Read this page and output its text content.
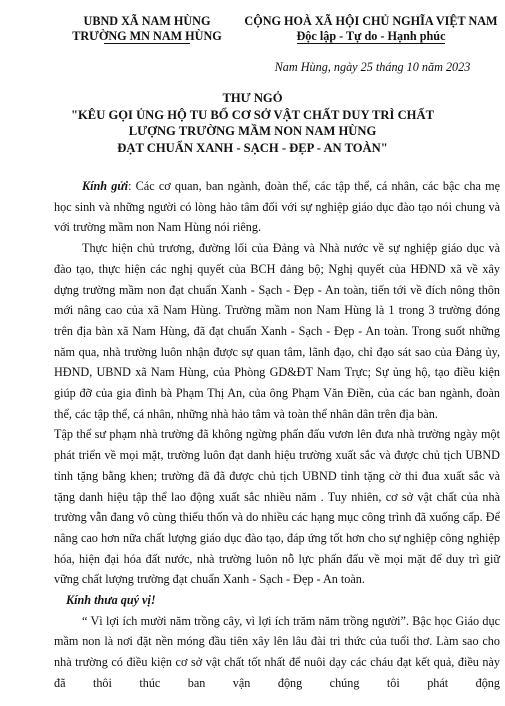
UBND XÃ NAM HÙNG
TRƯỜNG MN NAM HÙNG
CỘNG HOÀ XÃ HỘI CHỦ NGHĨA VIỆT NAM
Độc lập - Tự do - Hạnh phúc
Nam Hùng, ngày 25 tháng 10 năm 2023
THƯ NGỎ
"KÊU GỌI ỦNG HỘ TU BỔ CƠ SỞ VẬT CHẤT DUY TRÌ CHẤT
LƯỢNG TRƯỜNG MẦM NON NAM HÙNG
ĐẠT CHUẨN XANH - SẠCH - ĐẸP - AN TOÀN"

Kính gửi: Các cơ quan, ban ngành, đoàn thể, các tập thể, cá nhân, các bậc cha mẹ học sinh và những người có lòng hảo tâm đối với sự nghiệp giáo dục đào tạo nói chung và với trường mầm non Nam Hùng nói riêng.

Thực hiện chủ trương, đường lối của Đảng và Nhà nước về sự nghiệp giáo dục và đào tạo, thực hiện các nghị quyết của BCH đảng bộ; Nghị quyết của HĐND xã về xây dựng trường mầm non đạt chuẩn Xanh - Sạch - Đẹp - An toàn, tiến tới về đích nông thôn mới nâng cao của xã Nam Hùng. Trường mầm non Nam Hùng là 1 trong 3 trường đóng trên địa bàn xã Nam Hùng, đã đạt chuẩn Xanh - Sạch - Đẹp - An toàn. Trong suốt những năm qua, nhà trường luôn nhận được sự quan tâm, lãnh đạo, chỉ đạo sát sao của Đảng ủy, HĐND, UBND xã Nam Hùng, của Phòng GD&ĐT Nam Trực; Sự ủng hộ, tạo điều kiện giúp đỡ của gia đình bà Phạm Thị An, của ông Phạm Văn Điền, của các ban ngành, đoàn thể, các tập thể, cá nhân, những nhà hảo tâm và toàn thể nhân dân trên địa bàn.

Tập thể sư phạm nhà trường đã không ngừng phấn đấu vươn lên đưa nhà trường ngày một phát triển về mọi mặt, trường luôn đạt danh hiệu trường xuất sắc và được chủ tịch UBND tỉnh tặng bằng khen; trường đã đã được chủ tịch UBND tỉnh tặng cờ thi đua xuất sắc và tặng danh hiệu tập thể lao động xuất sắc nhiều năm . Tuy nhiên, cơ sở vật chất của nhà trường vẫn đang vô cùng thiếu thốn và do nhiều các hạng mục công trình đã xuống cấp. Để nâng cao hơn nữa chất lượng giáo dục đào tạo, đáp ứng tốt hơn cho sự nghiệp công nghiệp hóa, hiện đại hóa đất nước, nhà trường luôn nỗ lực phấn đấu về mọi mặt để duy trì giữ vững chất lượng trường đạt chuẩn Xanh - Sạch - Đẹp - An toàn.

Kính thưa quý vị!

“ Vì lợi ích mười năm trồng cây, vì lợi ích trăm năm trồng người”. Bậc học Giáo dục mầm non là nơi đặt nền móng đầu tiên xây lên lâu đài tri thức của tuổi thơ. Làm sao cho nhà trường có điều kiện cơ sở vật chất tốt nhất để nuôi dạy các cháu đạt kết quả, điều này đã thôi thúc ban vận động chúng tôi phát động
